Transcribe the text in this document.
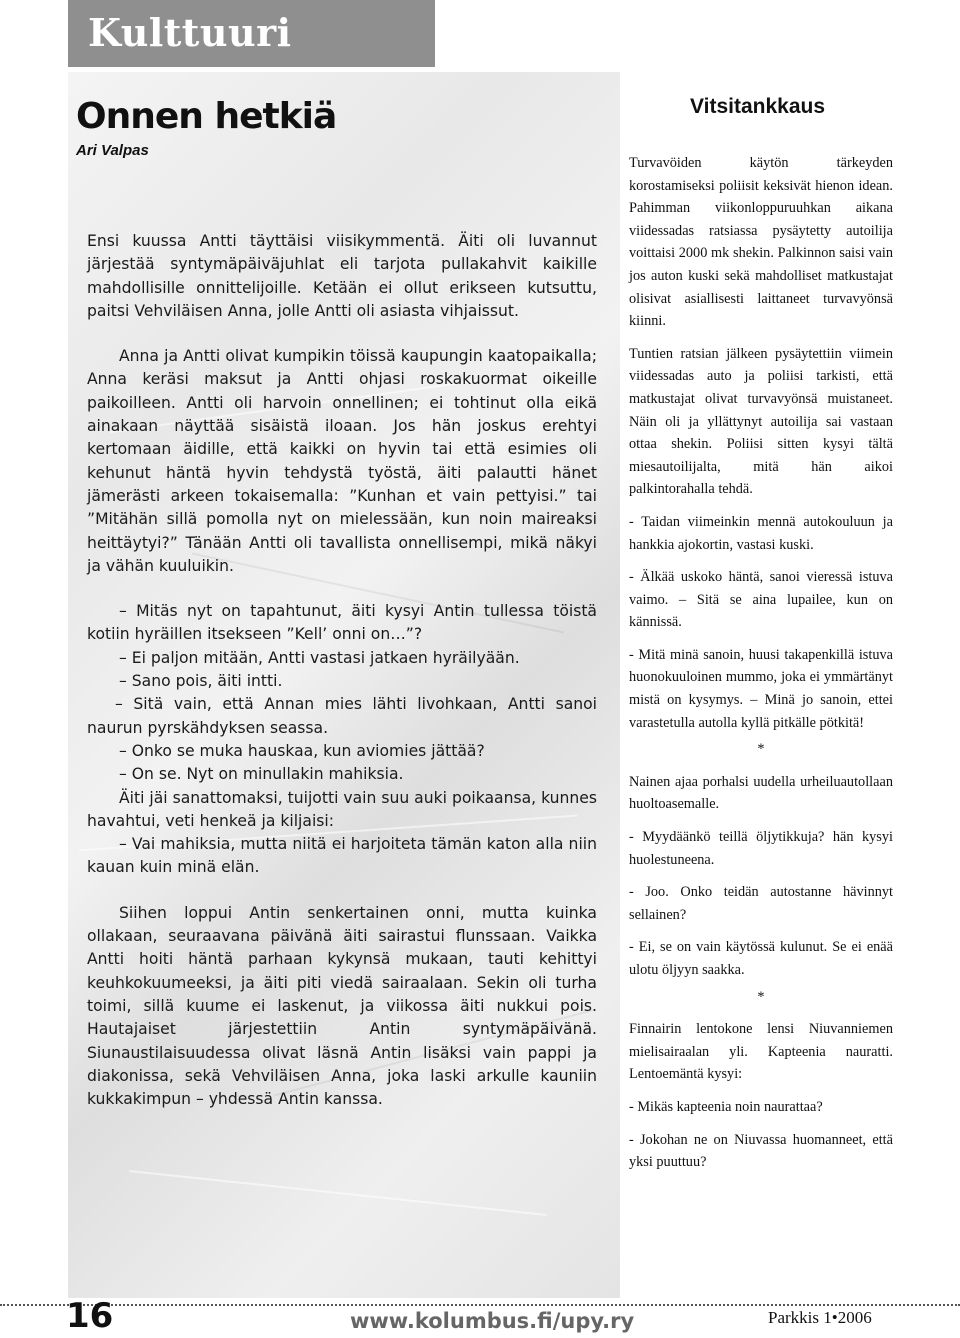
Kulttuuri
Onnen hetkiä
Ari Valpas

Ensi kuussa Antti täyttäisi viisikymmentä. Äiti oli luvannut järjestää syntymäpäiväjuhlat eli tarjota pullakahvit kaikille mahdollisille onnittelijoille. Ketään ei ollut erikseen kutsuttu, paitsi Vehviläisen Anna, jolle Antti oli asiasta vihjaissut.

Anna ja Antti olivat kumpikin töissä kaupungin kaatopaikalla; Anna keräsi maksut ja Antti ohjasi roskakuormat oikeille paikoilleen. Antti oli harvoin onnellinen; ei tohtinut olla eikä ainakaan näyttää sisäistä iloaan. Jos hän joskus erehtyi kertomaan äidille, että kaikki on hyvin tai että esimies oli kehunut häntä hyvin tehdystä työstä, äiti palautti hänet jämerästi arkeen tokaisemalla: ”Kunhan et vain pettyisi.” tai ”Mitähän sillä pomolla nyt on mielessään, kun noin maireaksi heittäytyi?” Tänään Antti oli tavallista onnellisempi, mikä näkyi ja vähän kuuluikin.

– Mitäs nyt on tapahtunut, äiti kysyi Antin tullessa töistä kotiin hyräillen itsekseen ”Kell’ onni on…”?

– Ei paljon mitään, Antti vastasi jatkaen hyräilyään.

– Sano pois, äiti intti.

– Sitä vain, että Annan mies lähti livohkaan, Antti sanoi naurun pyrskähdyksen seassa.

– Onko se muka hauskaa, kun aviomies jättää?

– On se. Nyt on minullakin mahiksia.

Äiti jäi sanattomaksi, tuijotti vain suu auki poikaansa, kunnes havahtui, veti henkeä ja kiljaisi:

– Vai mahiksia, mutta niitä ei harjoiteta tämän katon alla niin kauan kuin minä elän.

Siihen loppui Antin senkertainen onni, mutta kuinka ollakaan, seuraavana päivänä äiti sairastui flunssaan. Vaikka Antti hoiti häntä parhaan kykynsä mukaan, tauti kehittyi keuhkokuumeeksi, ja äiti piti viedä sairaalaan. Sekin oli turha toimi, sillä kuume ei laskenut, ja viikossa äiti nukkui pois. Hautajaiset järjestettiin Antin syntymäpäivänä. Siunaustilaisuudessa olivat läsnä Antin lisäksi vain pappi ja diakonissa, sekä Vehviläisen Anna, joka laski arkulle kauniin kukkakimpun – yhdessä Antin kanssa.

Vitsitankkaus

Turvavöiden käytön tärkeyden korostamiseksi poliisit keksivät hienon idean. Pahimman viikonloppuruuhkan aikana viidessadas ratsiassa pysäytetty autoilija voittaisi 2000 mk shekin. Palkinnon saisi vain jos auton kuski sekä mahdolliset matkustajat olisivat asiallisesti laittaneet turvavyönsä kiinni.

Tuntien ratsian jälkeen pysäytettiin viimein viidessadas auto ja poliisi tarkisti, että matkustajat olivat turvavyönsä muistaneet. Näin oli ja yllättynyt autoilija sai vastaan ottaa shekin. Poliisi sitten kysyi tältä miesautoilijalta, mitä hän aikoi palkintorahalla tehdä.

- Taidan viimeinkin mennä autokouluun ja hankkia ajokortin, vastasi kuski.

- Älkää uskoko häntä, sanoi vieressä istuva vaimo. – Sitä se aina lupailee, kun on kännissä.

- Mitä minä sanoin, huusi takapenkillä istuva huonokuuloinen mummo, joka ei ymmärtänyt mistä on kysymys. – Minä jo sanoin, ettei varastetulla autolla kyllä pitkälle pötkitä!

*

Nainen ajaa porhalsi uudella urheiluautollaan huoltoasemalle.

- Myydäänkö teillä öljytikkuja? hän kysyi huolestuneena.

- Joo. Onko teidän autostanne hävinnyt sellainen?

- Ei, se on vain käytössä kulunut. Se ei enää ulotu öljyyn saakka.

*

Finnairin lentokone lensi Niuvanniemen mielisairaalan yli. Kapteenia nauratti. Lentoemäntä kysyi:

- Mikäs kapteenia noin naurattaa?

- Jokohan ne on Niuvassa huomanneet, että yksi puuttuu?

16	www.kolumbus.fi/upy.ry	Parkkis 1•2006
